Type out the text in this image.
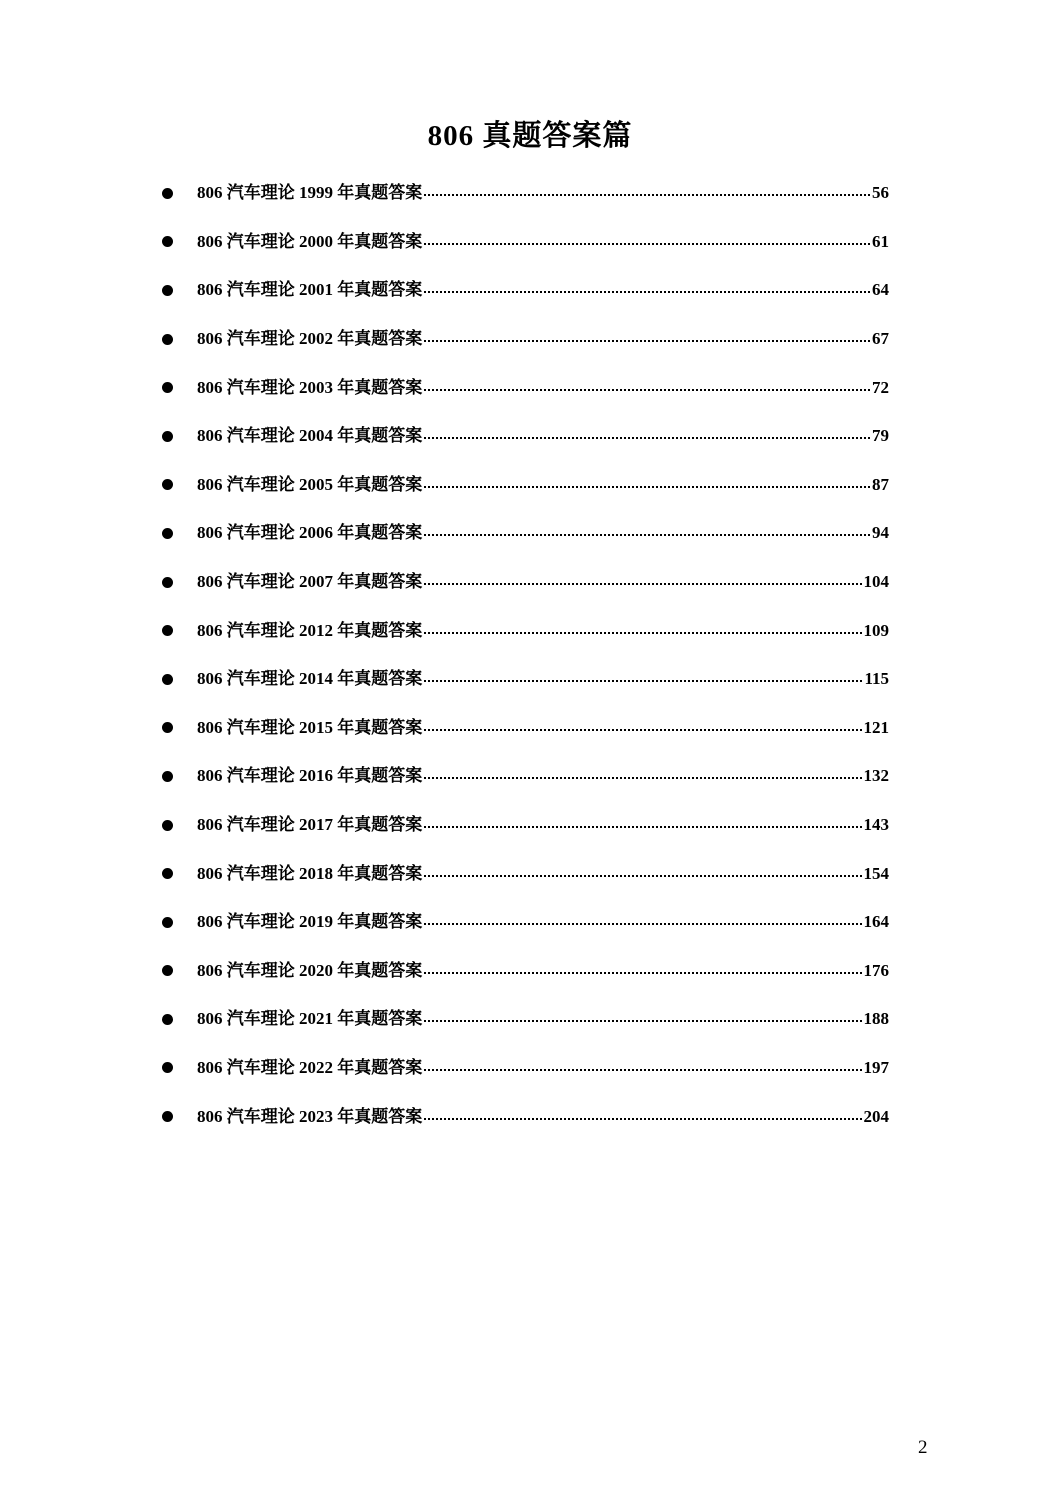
806 真题答案篇
806 汽车理论 1999 年真题答案	56
806 汽车理论 2000 年真题答案	61
806 汽车理论 2001 年真题答案	64
806 汽车理论 2002 年真题答案	67
806 汽车理论 2003 年真题答案	72
806 汽车理论 2004 年真题答案	79
806 汽车理论 2005 年真题答案	87
806 汽车理论 2006 年真题答案	94
806 汽车理论 2007 年真题答案	104
806 汽车理论 2012 年真题答案	109
806 汽车理论 2014 年真题答案	115
806 汽车理论 2015 年真题答案	121
806 汽车理论 2016 年真题答案	132
806 汽车理论 2017 年真题答案	143
806 汽车理论 2018 年真题答案	154
806 汽车理论 2019 年真题答案	164
806 汽车理论 2020 年真题答案	176
806 汽车理论 2021 年真题答案	188
806 汽车理论 2022 年真题答案	197
806 汽车理论 2023 年真题答案	204
2
